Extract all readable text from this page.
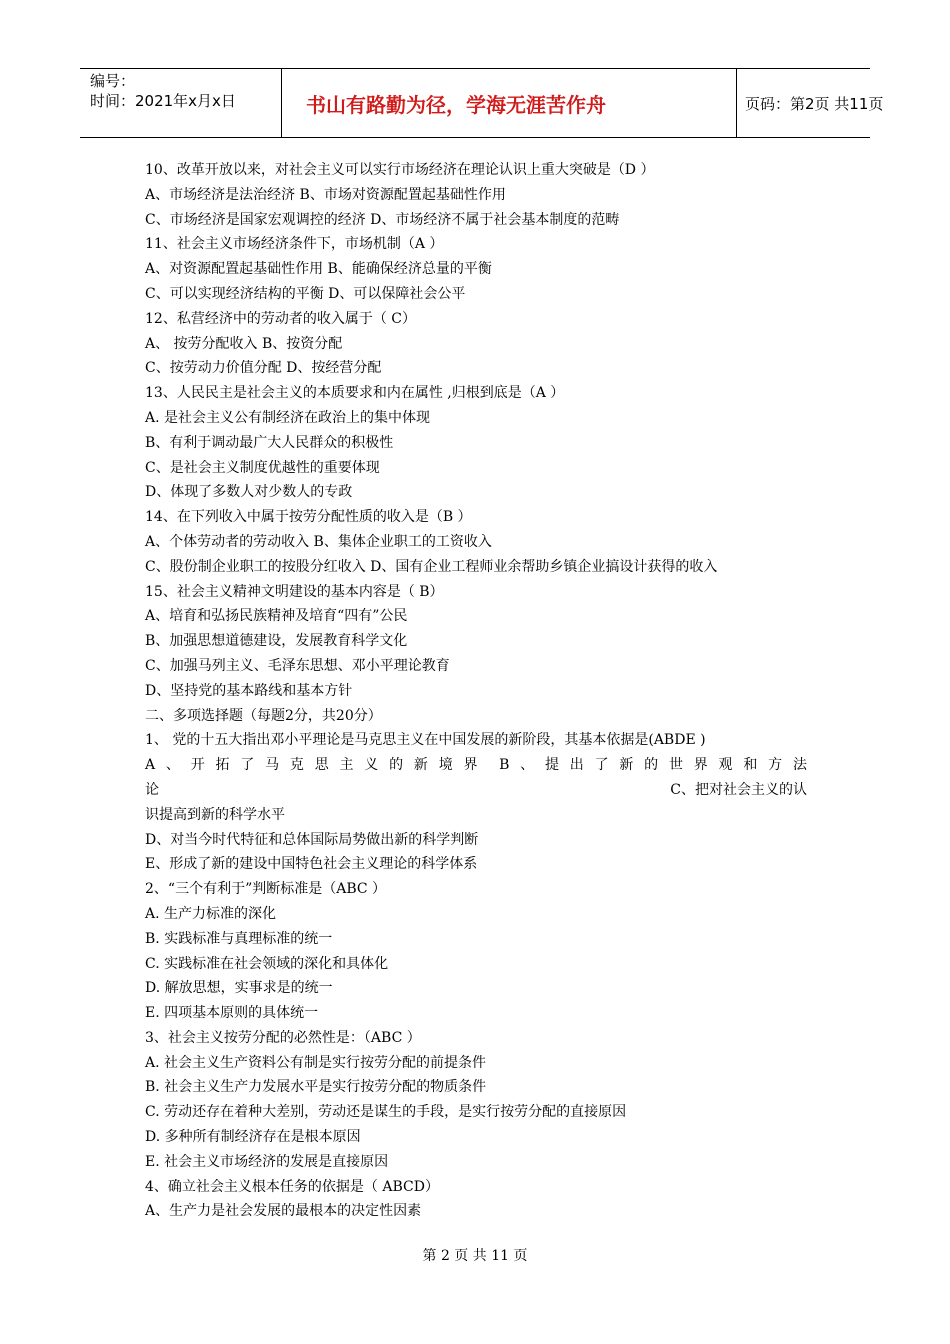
编号：
时间：2021年x月x日	书山有路勤为径，学海无涯苦作舟	页码：第2页 共11页
10、改革开放以来，对社会主义可以实行市场经济在理论认识上重大突破是（D ）
A、市场经济是法治经济 B、市场对资源配置起基础性作用
C、市场经济是国家宏观调控的经济 D、市场经济不属于社会基本制度的范畴
11、社会主义市场经济条件下，市场机制（A ）
A、对资源配置起基础性作用 B、能确保经济总量的平衡
C、可以实现经济结构的平衡 D、可以保障社会公平
12、私营经济中的劳动者的收入属于（ C）
A、 按劳分配收入 B、按资分配
C、按劳动力价值分配 D、按经营分配
13、人民民主是社会主义的本质要求和内在属性 ,归根到底是（A ）
A. 是社会主义公有制经济在政治上的集中体现
B、有利于调动最广大人民群众的积极性
C、是社会主义制度优越性的重要体现
D、体现了多数人对少数人的专政
14、在下列收入中属于按劳分配性质的收入是（B ）
A、个体劳动者的劳动收入 B、集体企业职工的工资收入
C、股份制企业职工的按股分红收入 D、国有企业工程师业余帮助乡镇企业搞设计获得的收入
15、社会主义精神文明建设的基本内容是（ B）
A、培育和弘扬民族精神及培育“四有”公民
B、加强思想道德建设，发展教育科学文化
C、加强马列主义、毛泽东思想、邓小平理论教育
D、坚持党的基本路线和基本方针
二、多项选择题（每题2分，共20分）
1、 党的十五大指出邓小平理论是马克思主义在中国发展的新阶段，其基本依据是(ABDE )
A 、 开 拓 了 马 克 思 主 义 的 新 境 界 B 、 提 出 了 新 的 世 界 观 和 方 法
论	C、把对社会主义的认
识提高到新的科学水平
D、对当今时代特征和总体国际局势做出新的科学判断
E、形成了新的建设中国特色社会主义理论的科学体系
2、“三个有利于”判断标准是（ABC ）
A. 生产力标准的深化
B. 实践标准与真理标准的统一
C. 实践标准在社会领域的深化和具体化
D. 解放思想，实事求是的统一
E. 四项基本原则的具体统一
3、社会主义按劳分配的必然性是：（ABC ）
A. 社会主义生产资料公有制是实行按劳分配的前提条件
B. 社会主义生产力发展水平是实行按劳分配的物质条件
C. 劳动还存在着种大差别，劳动还是谋生的手段，是实行按劳分配的直接原因
D. 多种所有制经济存在是根本原因
E. 社会主义市场经济的发展是直接原因
4、确立社会主义根本任务的依据是（ ABCD）
A、生产力是社会发展的最根本的决定性因素
第 2 页 共 11 页
